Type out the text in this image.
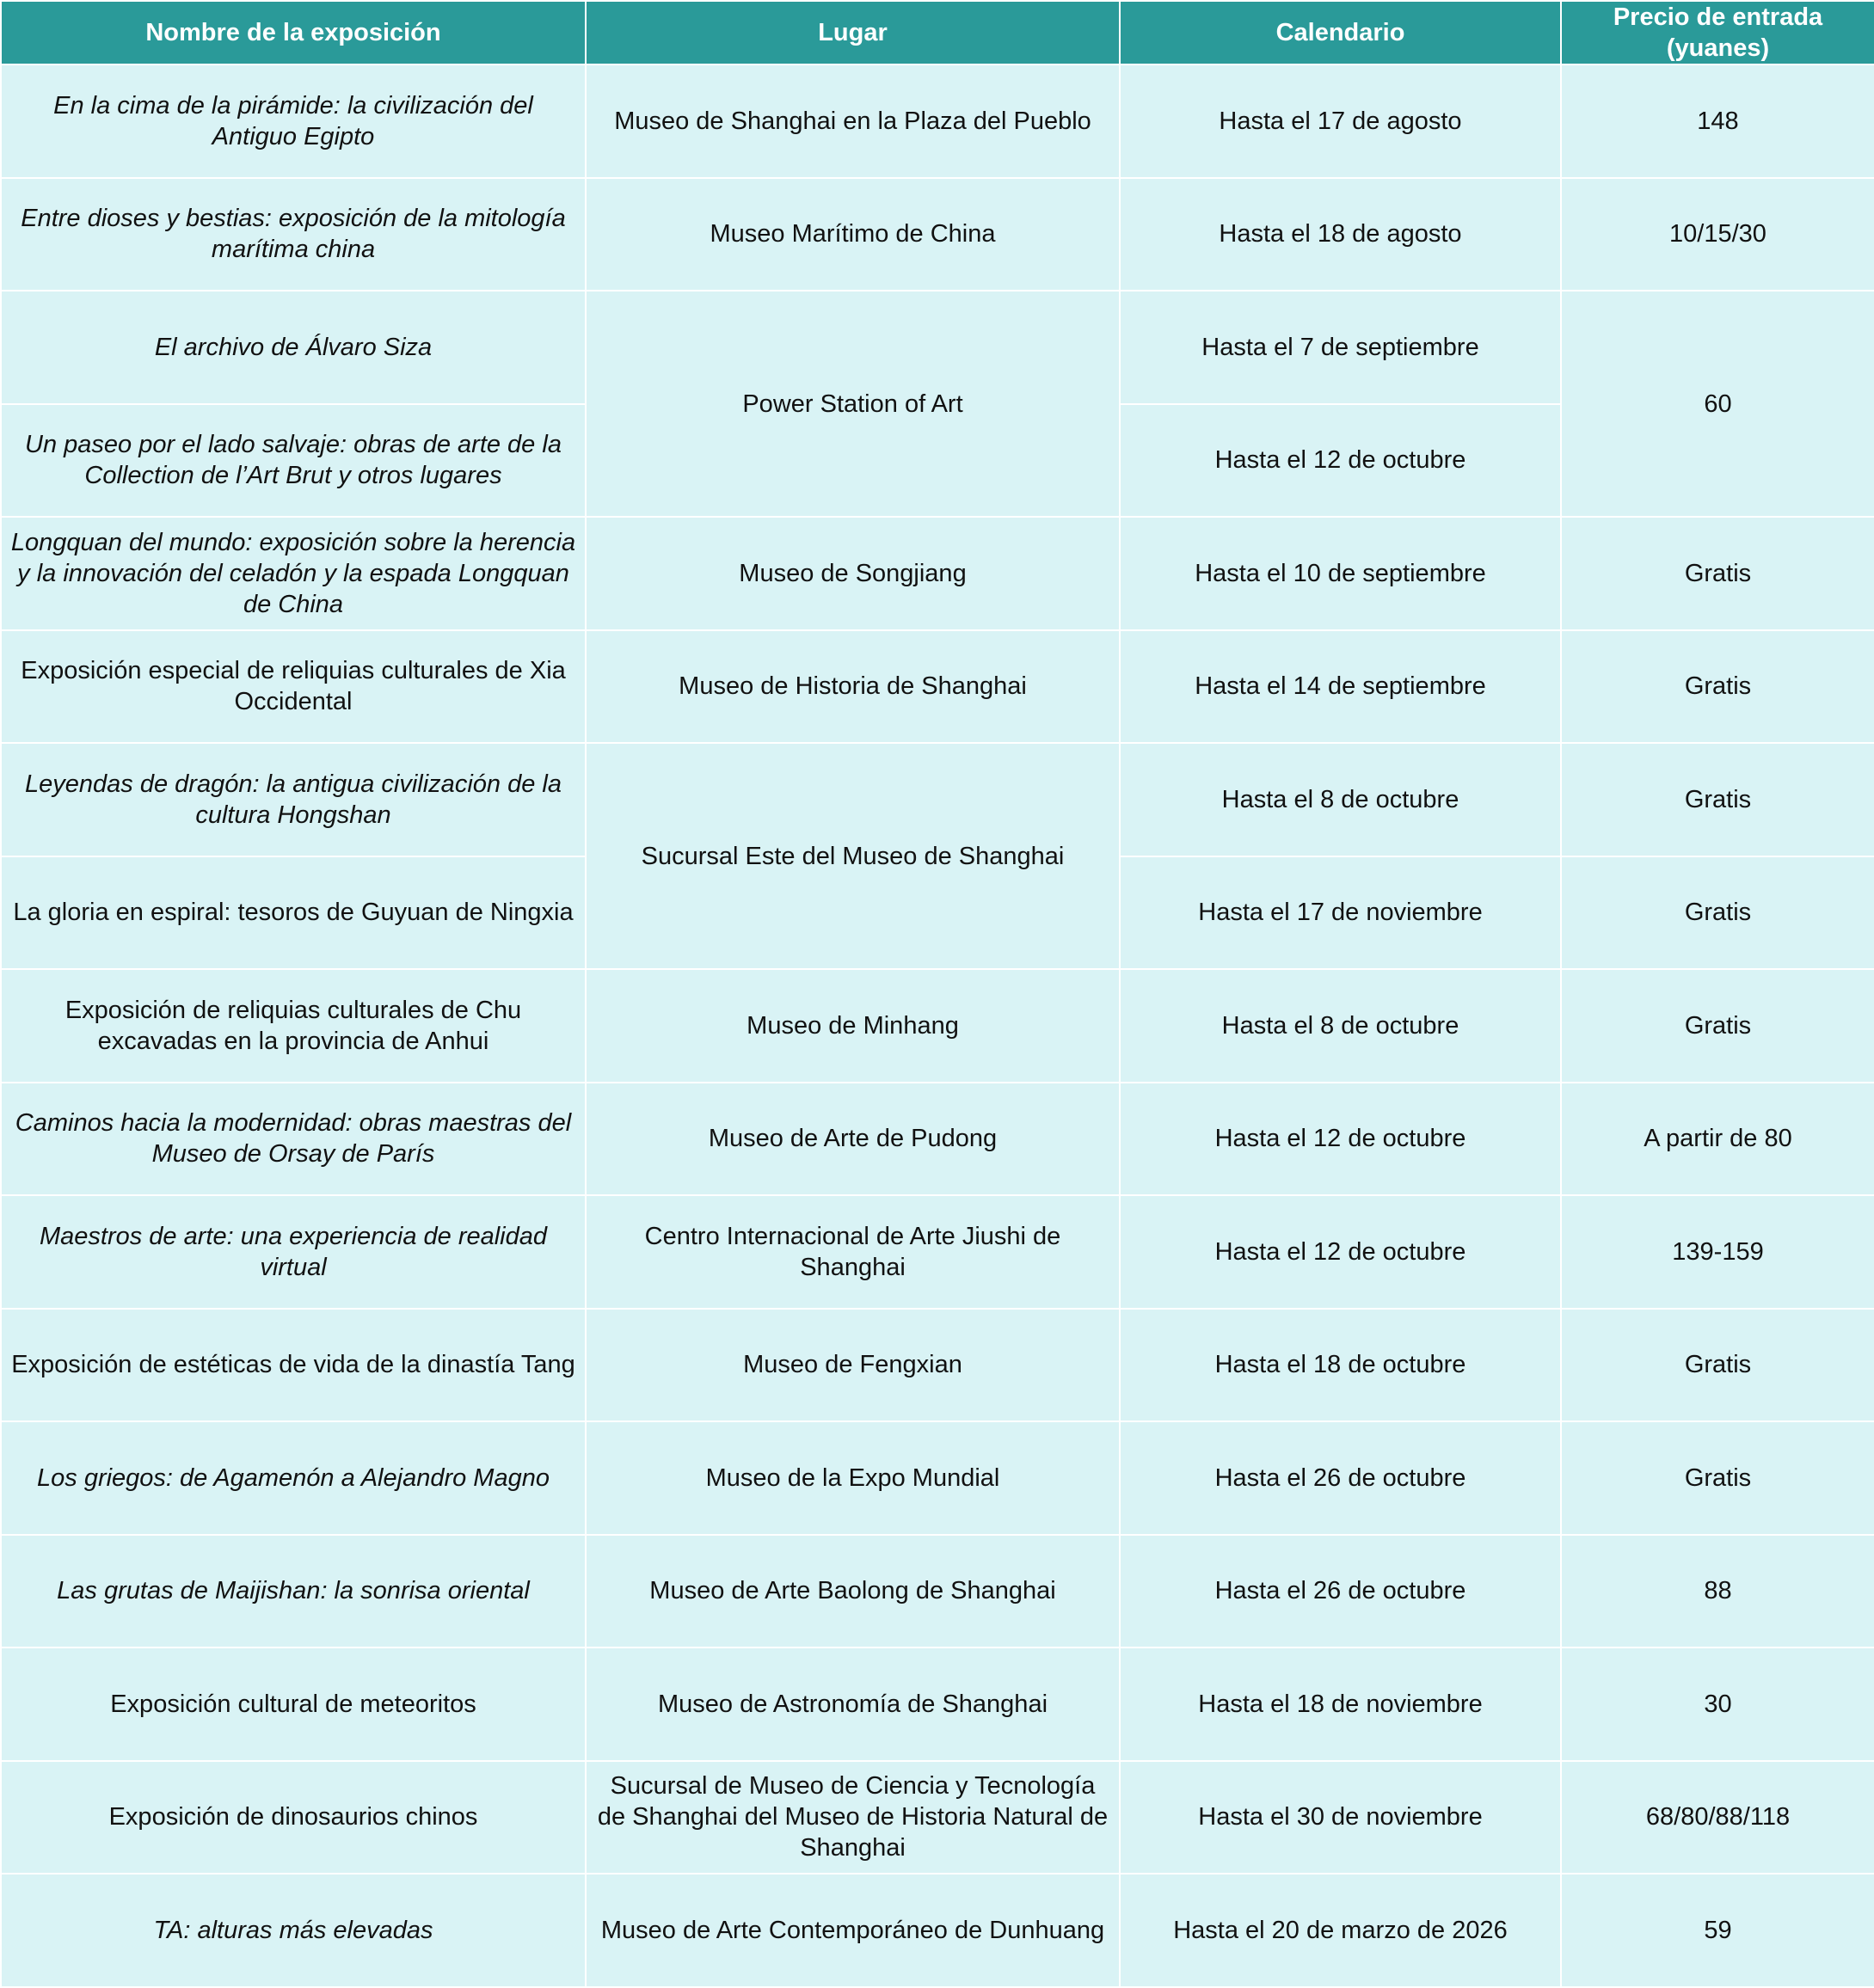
Nombre de la exposición	Lugar	Calendario	Precio de entrada (yuanes)
En la cima de la pirámide: la civilización del Antiguo Egipto	Museo de Shanghai en la Plaza del Pueblo	Hasta el 17 de agosto	148
Entre dioses y bestias: exposición de la mitología marítima china	Museo Marítimo de China	Hasta el 18 de agosto	10/15/30
El archivo de Álvaro Siza	Power Station of Art	Hasta el 7 de septiembre	60
Un paseo por el lado salvaje: obras de arte de la Collection de l’Art Brut y otros lugares		Hasta el 12 de octubre	
Longquan del mundo: exposición sobre la herencia y la innovación del celadón y la espada Longquan de China	Museo de Songjiang	Hasta el 10 de septiembre	Gratis
Exposición especial de reliquias culturales de Xia Occidental	Museo de Historia de Shanghai	Hasta el 14 de septiembre	Gratis
Leyendas de dragón: la antigua civilización de la cultura Hongshan	Sucursal Este del Museo de Shanghai	Hasta el 8 de octubre	Gratis
La gloria en espiral: tesoros de Guyuan de Ningxia		Hasta el 17 de noviembre	Gratis
Exposición de reliquias culturales de Chu excavadas en la provincia de Anhui	Museo de Minhang	Hasta el 8 de octubre	Gratis
Caminos hacia la modernidad: obras maestras del Museo de Orsay de París	Museo de Arte de Pudong	Hasta el 12 de octubre	A partir de 80
Maestros de arte: una experiencia de realidad virtual	Centro Internacional de Arte Jiushi de Shanghai	Hasta el 12 de octubre	139-159
Exposición de estéticas de vida de la dinastía Tang	Museo de Fengxian	Hasta el 18 de octubre	Gratis
Los griegos: de Agamenón a Alejandro Magno	Museo de la Expo Mundial	Hasta el 26 de octubre	Gratis
Las grutas de Maijishan: la sonrisa oriental	Museo de Arte Baolong de Shanghai	Hasta el 26 de octubre	88
Exposición cultural de meteoritos	Museo de Astronomía de Shanghai	Hasta el 18 de noviembre	30
Exposición de dinosaurios chinos	Sucursal de Museo de Ciencia y Tecnología de Shanghai del Museo de Historia Natural de Shanghai	Hasta el 30 de noviembre	68/80/88/118
TA: alturas más elevadas	Museo de Arte Contemporáneo de Dunhuang	Hasta el 20 de marzo de 2026	59
